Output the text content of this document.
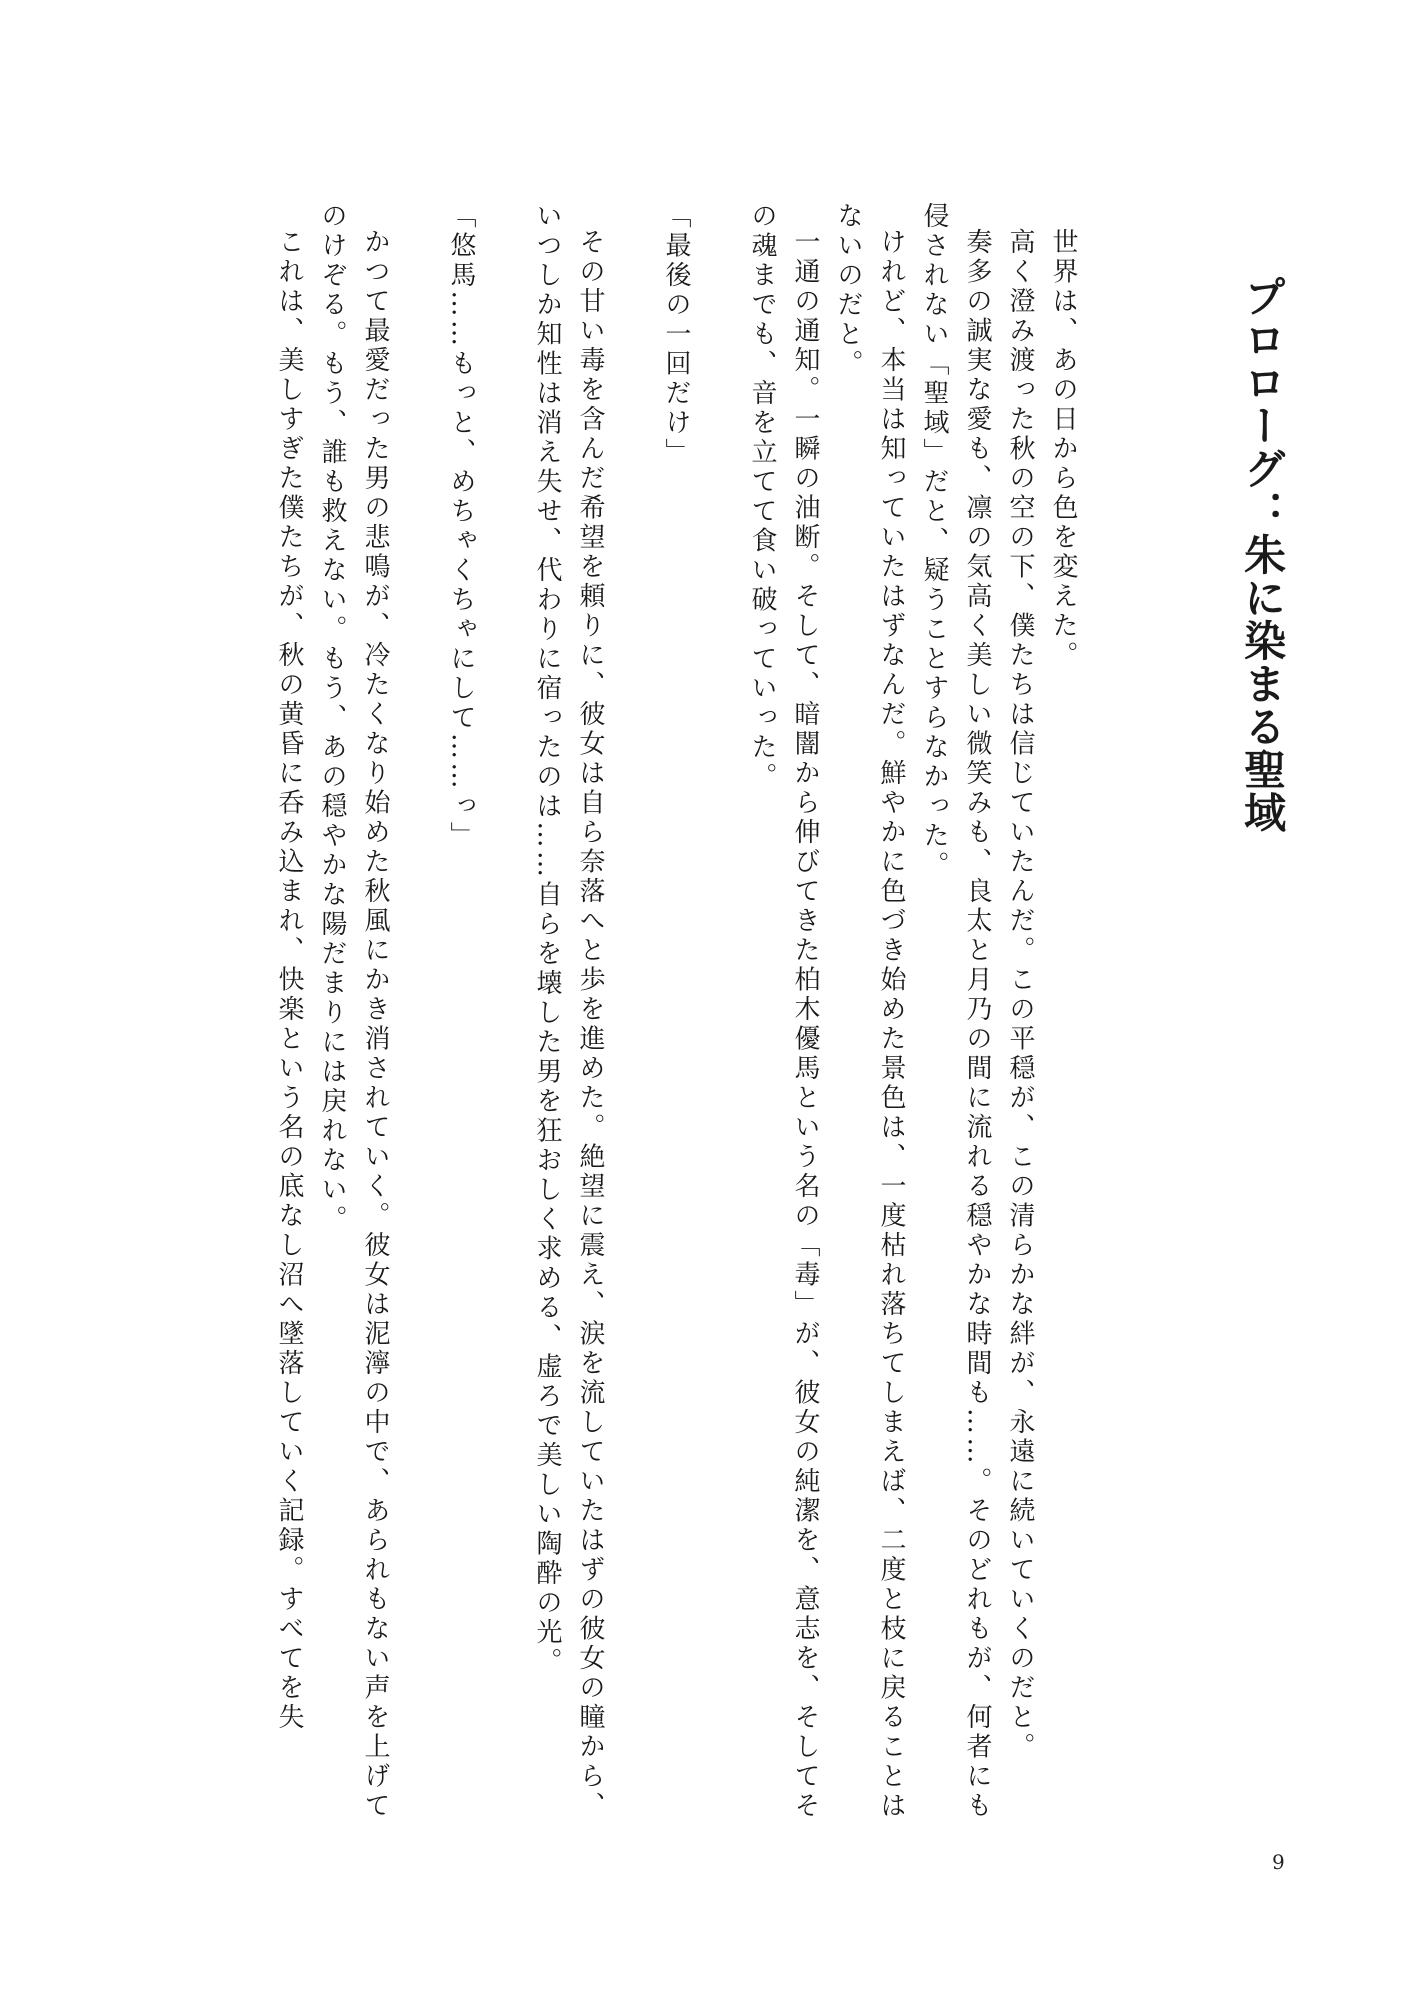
プロローグ：朱に染まる聖域

世界は、あの日から色を変えた。

高く澄み渡った秋の空の下、僕たちは信じていたんだ。この平穏が、この清らかな絆が、永遠に続いていくのだと。

奏多の誠実な愛も、凛の気高く美しい微笑みも、良太と月乃の間に流れる穏やかな時間も……。そのどれもが、何者にも侵されない「聖域」だと、疑うことすらなかった。

けれど、本当は知っていたはずなんだ。鮮やかに色づき始めた景色は、一度枯れ落ちてしまえば、二度と枝に戻ることはないのだと。

一通の通知。一瞬の油断。そして、暗闇から伸びてきた柏木優馬という名の「毒」が、彼女の純潔を、意志を、そしてその魂までも、音を立てて食い破っていった。

「最後の一回だけ」

その甘い毒を含んだ希望を頼りに、彼女は自ら奈落へと歩を進めた。絶望に震え、涙を流していたはずの彼女の瞳から、いつしか知性は消え失せ、代わりに宿ったのは……自らを壊した男を狂おしく求める、虚ろで美しい陶酔の光。

「悠馬……もっと、めちゃくちゃにして……っ」

かつて最愛だった男の悲鳴が、冷たくなり始めた秋風にかき消されていく。彼女は泥濘の中で、あられもない声を上げてのけぞる。もう、誰も救えない。もう、あの穏やかな陽だまりには戻れない。

これは、美しすぎた僕たちが、秋の黄昏に呑み込まれ、快楽という名の底なし沼へ墜落していく記録。すべてを失

9
